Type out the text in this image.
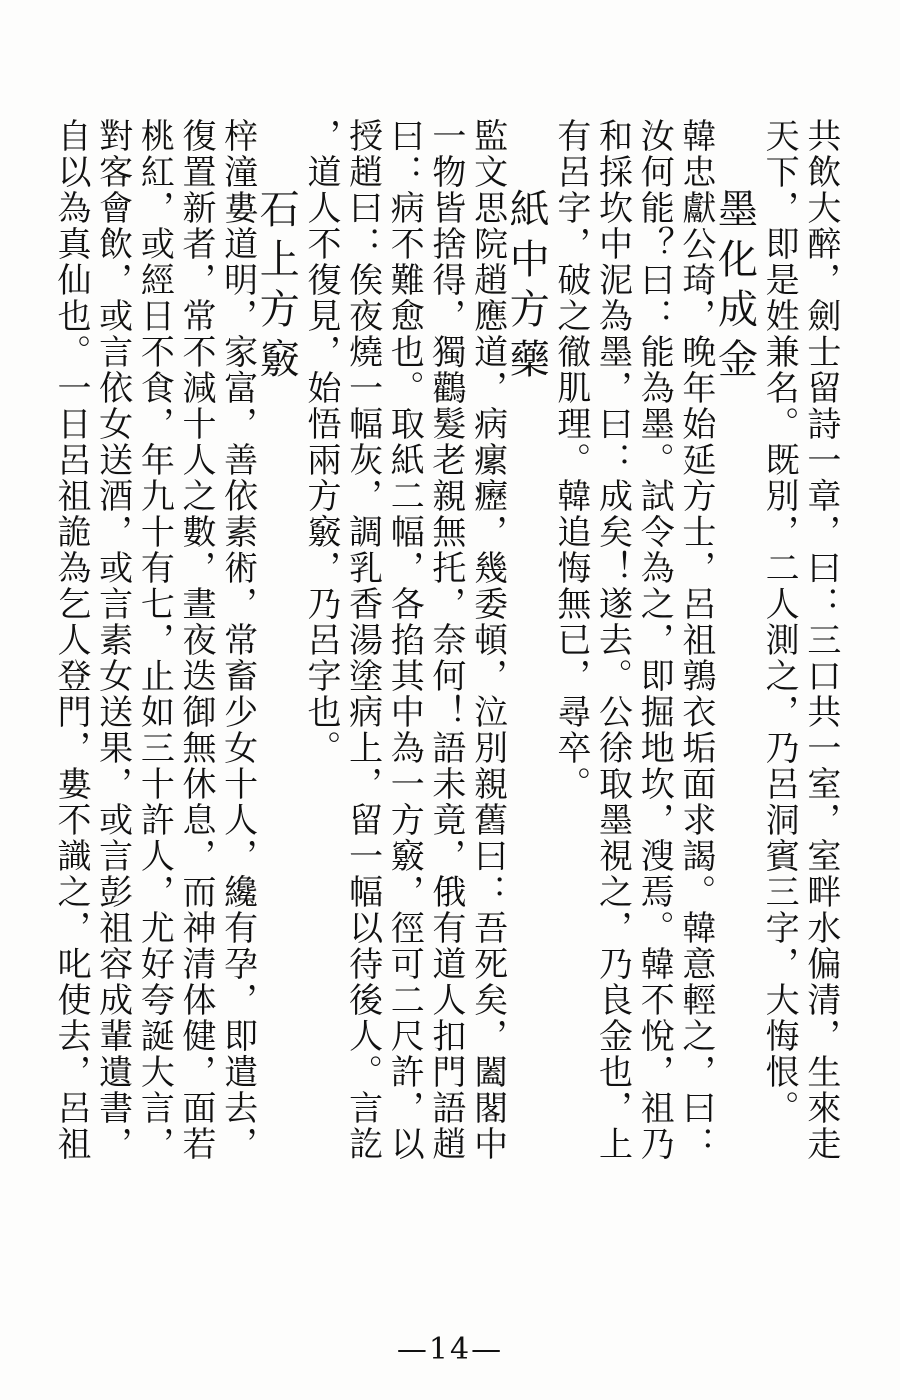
共飲大醉，劍士留詩一章，曰：三口共一室，室畔水偏清，生來走
天下，即是姓兼名。既別，二人測之，乃呂洞賓三字，大悔恨。
墨化成金
韓忠獻公琦，晚年始延方士，呂祖鶉衣垢面求謁。韓意輕之，曰：
汝何能？曰：能為墨。試令為之，即掘地坎，溲焉。韓不悅，祖乃
和採坎中泥為墨，曰：成矣！遂去。公徐取墨視之，乃良金也，上
有呂字，破之徹肌理。韓追悔無已，尋卒。
紙中方藥
監文思院趙應道，病瘰癧，幾委頓，泣別親舊曰：吾死矣，闔閣中
一物皆捨得，獨鸛髮老親無托，奈何！語未竟，俄有道人扣門語趙
曰：病不難愈也。取紙二幅，各掐其中為一方竅，徑可二尺許，以
授趙曰：俟夜燒一幅灰，調乳香湯塗病上，留一幅以待後人。言訖
，道人不復見，始悟兩方竅，乃呂字也。
石上方竅
梓潼婁道明，家富，善依素術，常畜少女十人，纔有孕，即遣去，
復置新者，常不減十人之數，晝夜迭御無休息，而神清体健，面若
桃紅，或經日不食，年九十有七，止如三十許人，尤好夸誕大言，
對客會飲，或言依女送酒，或言素女送果，或言彭祖容成輩遺書，
自以為真仙也。一日呂祖詭為乞人登門，婁不識之，叱使去，呂祖
—14—
